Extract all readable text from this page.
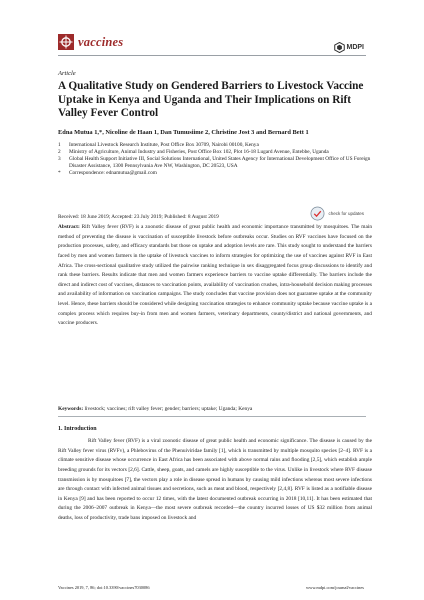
vaccines	MDPI
Article
A Qualitative Study on Gendered Barriers to Livestock Vaccine Uptake in Kenya and Uganda and Their Implications on Rift Valley Fever Control
Edna Mutua 1,*, Nicoline de Haan 1, Dan Tumusiime 2, Christine Jost 3 and Bernard Bett 1
1	International Livestock Research Institute, Post Office Box 30709, Nairobi 00100, Kenya
2	Ministry of Agriculture, Animal Industry and Fisheries, Post Office Box 102, Plot 16-18 Lugard Avenue, Entebbe, Uganda
3	Global Health Support Initiative III, Social Solutions International, United States Agency for International Development Office of US Foreign Disaster Assistance, 1300 Pennsylvania Ave NW, Washington, DC 20523, USA
*	Correspondence: ednamutua@gmail.com
Received: 18 June 2019; Accepted: 23 July 2019; Published: 8 August 2019
check for updates
Abstract: Rift Valley fever (RVF) is a zoonotic disease of great public health and economic importance transmitted by mosquitoes. The main method of preventing the disease is vaccination of susceptible livestock before outbreaks occur. Studies on RVF vaccines have focused on the production processes, safety, and efficacy standards but those on uptake and adoption levels are rare. This study sought to understand the barriers faced by men and women farmers in the uptake of livestock vaccines to inform strategies for optimizing the use of vaccines against RVF in East Africa. The cross-sectional qualitative study utilized the pairwise ranking technique in sex disaggregated focus group discussions to identify and rank these barriers. Results indicate that men and women farmers experience barriers to vaccine uptake differentially. The barriers include the direct and indirect cost of vaccines, distances to vaccination points, availability of vaccination crushes, intra-household decision making processes and availability of information on vaccination campaigns. The study concludes that vaccine provision does not guarantee uptake at the community level. Hence, these barriers should be considered while designing vaccination strategies to enhance community uptake because vaccine uptake is a complex process which requires buy-in from men and women farmers, veterinary departments, county/district and national governments, and vaccine producers.
Keywords: livestock; vaccines; rift valley fever; gender; barriers; uptake; Uganda; Kenya
1. Introduction
Rift Valley fever (RVF) is a viral zoonotic disease of great public health and economic significance. The disease is caused by the Rift Valley fever virus (RVFv), a Phlebovirus of the Phenuiviridae family [1], which is transmitted by multiple mosquito species [2–4]. RVF is a climate sensitive disease whose occurrence in East Africa has been associated with above normal rains and flooding [2,5], which establish ample breeding grounds for its vectors [2,6]. Cattle, sheep, goats, and camels are highly susceptible to the virus. Unlike in livestock where RVF disease transmission is by mosquitoes [7], the vectors play a role in disease spread in humans by causing mild infections whereas most severe infections are through contact with infected animal tissues and secretions, such as meat and blood, respectively [2,4,8]. RVF is listed as a notifiable disease in Kenya [9] and has been reported to occur 12 times, with the latest documented outbreak occurring in 2018 [10,11]. It has been estimated that during the 2006–2007 outbreak in Kenya—the most severe outbreak recorded—the country incurred losses of US $32 million from animal deaths, loss of productivity, trade bans imposed on livestock and
Vaccines 2019, 7, 86; doi:10.3390/vaccines7030086	www.mdpi.com/journal/vaccines
